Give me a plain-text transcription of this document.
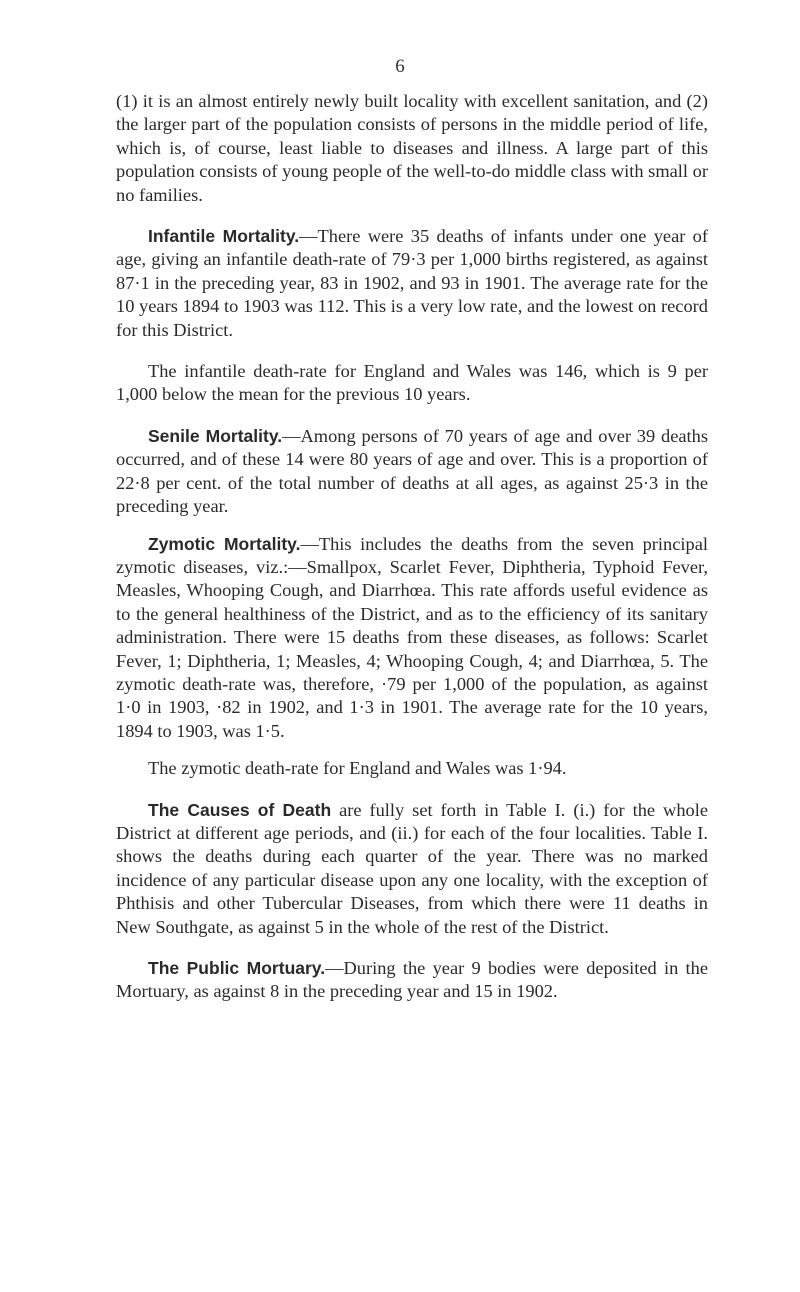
6

(1) it is an almost entirely newly built locality with excellent sanitation, and (2) the larger part of the population consists of persons in the middle period of life, which is, of course, least liable to diseases and illness. A large part of this population consists of young people of the well-to-do middle class with small or no families.

Infantile Mortality.—There were 35 deaths of infants under one year of age, giving an infantile death-rate of 79·3 per 1,000 births registered, as against 87·1 in the preceding year, 83 in 1902, and 93 in 1901. The average rate for the 10 years 1894 to 1903 was 112. This is a very low rate, and the lowest on record for this District.

The infantile death-rate for England and Wales was 146, which is 9 per 1,000 below the mean for the previous 10 years.

Senile Mortality.—Among persons of 70 years of age and over 39 deaths occurred, and of these 14 were 80 years of age and over. This is a proportion of 22·8 per cent. of the total number of deaths at all ages, as against 25·3 in the preceding year.

Zymotic Mortality.—This includes the deaths from the seven principal zymotic diseases, viz.:—Smallpox, Scarlet Fever, Diphtheria, Typhoid Fever, Measles, Whooping Cough, and Diarrhœa. This rate affords useful evidence as to the general healthiness of the District, and as to the efficiency of its sanitary administration. There were 15 deaths from these diseases, as follows: Scarlet Fever, 1; Diphtheria, 1; Measles, 4; Whooping Cough, 4; and Diarrhœa, 5. The zymotic death-rate was, therefore, ·79 per 1,000 of the population, as against 1·0 in 1903, ·82 in 1902, and 1·3 in 1901. The average rate for the 10 years, 1894 to 1903, was 1·5.

The zymotic death-rate for England and Wales was 1·94.

The Causes of Death are fully set forth in Table I. (i.) for the whole District at different age periods, and (ii.) for each of the four localities. Table I. shows the deaths during each quarter of the year. There was no marked incidence of any particular disease upon any one locality, with the exception of Phthisis and other Tubercular Diseases, from which there were 11 deaths in New Southgate, as against 5 in the whole of the rest of the District.

The Public Mortuary.—During the year 9 bodies were deposited in the Mortuary, as against 8 in the preceding year and 15 in 1902.
